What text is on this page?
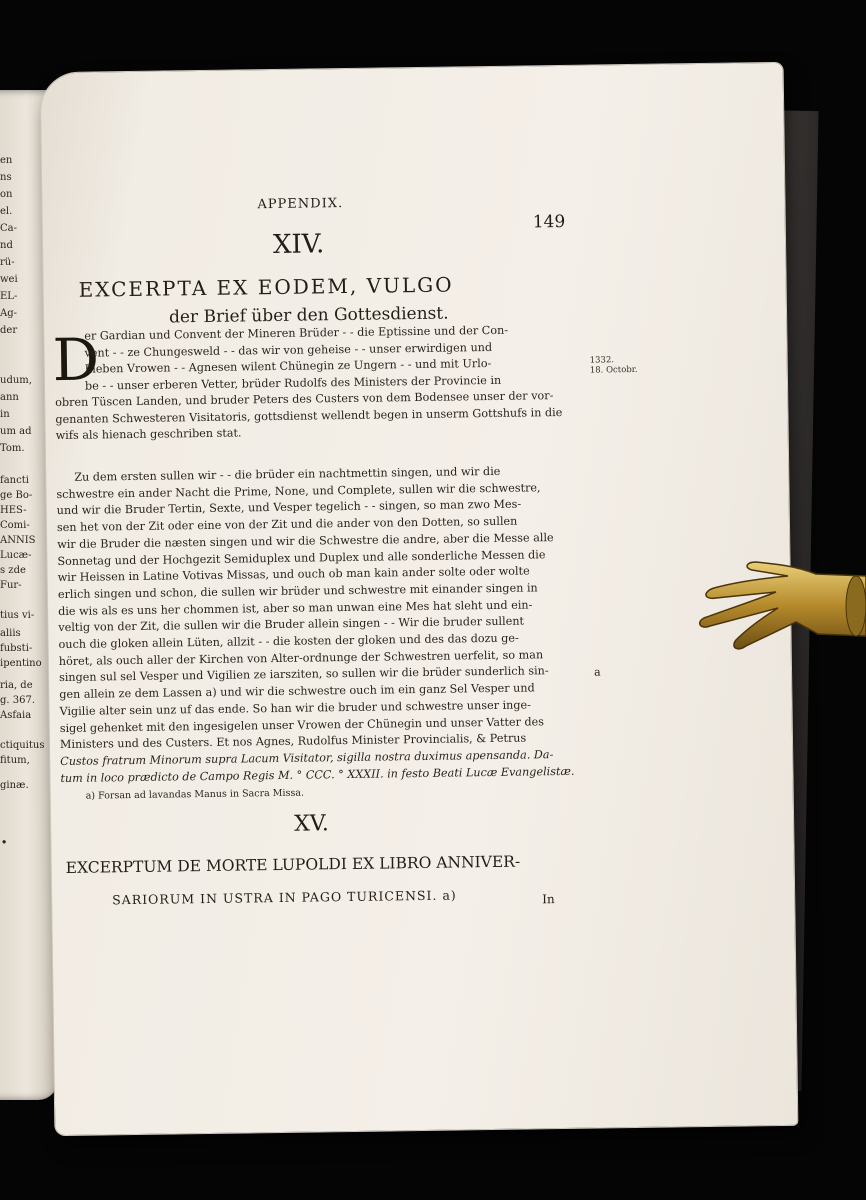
en
ns
on
el.
Ca-
nd
rü-
wei
EL-
Ag-
der
udum,
ann
in
um ad
Tom.
fancti
ge Bo-
HES-
Comi-
ANNIS
Lucæ-
s zde
Fur-
tius vi-
aliis
fubsti-
ipentino
ria, de
g. 367.
Asfaia
ctiquitus
fitum,
ginæ.
.
APPENDIX.
149
XIV.
EXCERPTA EX EODEM, VULGO
der Brief über den Gottesdienst.
D	1332.
18. Octobr.
er Gardian und Convent der Mineren Brüder - - die Eptissine und der Con-
vent - - ze Chungesweld - - das wir von geheise - - unser erwirdigen und
Lieben Vrowen - - Agnesen wilent Chünegin ze Ungern - - und mit Urlo-
be - - unser erberen Vetter, brüder Rudolfs des Ministers der Provincie in
obren Tüscen Landen, und bruder Peters des Custers von dem Bodensee unser der vor-
genanten Schwesteren Visitatoris, gottsdienst wellendt begen in unserm Gottshufs in die
wifs als hienach geschriben stat.
Zu dem ersten sullen wir - - die brüder ein nachtmettin singen, und wir die
schwestre ein ander Nacht die Prime, None, und Complete, sullen wir die schwestre,
und wir die Bruder Tertin, Sexte, und Vesper tegelich - - singen, so man zwo Mes-
sen het von der Zit oder eine von der Zit und die ander von den Dotten, so sullen
wir die Bruder die næsten singen und wir die Schwestre die andre, aber die Messe alle
Sonnetag und der Hochgezit Semiduplex und Duplex und alle sonderliche Messen die
wir Heissen in Latine Votivas Missas, und ouch ob man kain ander solte oder wolte
erlich singen und schon, die sullen wir brüder und schwestre mit einander singen in
die wis als es uns her chommen ist, aber so man unwan eine Mes hat sleht und ein-
veltig von der Zit, die sullen wir die Bruder allein singen - - Wir die bruder sullent
ouch die gloken allein Lüten, allzit - - die kosten der gloken und des das dozu ge-
höret, als ouch aller der Kirchen von Alter-ordnunge der Schwestren uerfelit, so man
singen sul sel Vesper und Vigilien ze iarsziten, so sullen wir die brüder sunderlich sin-
gen allein ze dem Lassen a) und wir die schwestre ouch im ein ganz Sel Vesper und
Vigilie alter sein unz uf das ende. So han wir die bruder und schwestre unser inge-
sigel gehenket mit den ingesigelen unser Vrowen der Chünegin und unser Vatter des
Ministers und des Custers. Et nos Agnes, Rudolfus Minister Provincialis, & Petrus
Custos fratrum Minorum supra Lacum Visitator, sigilla nostra duximus apensanda. Da-
tum in loco prædicto de Campo Regis M. ° CCC. ° XXXII. in festo Beati Lucæ Evangelistæ.
a
a) Forsan ad lavandas Manus in Sacra Missa.
XV.
EXCERPTUM DE MORTE LUPOLDI EX LIBRO ANNIVER-
SARIORUM IN USTRA IN PAGO TURICENSI. a)	In
